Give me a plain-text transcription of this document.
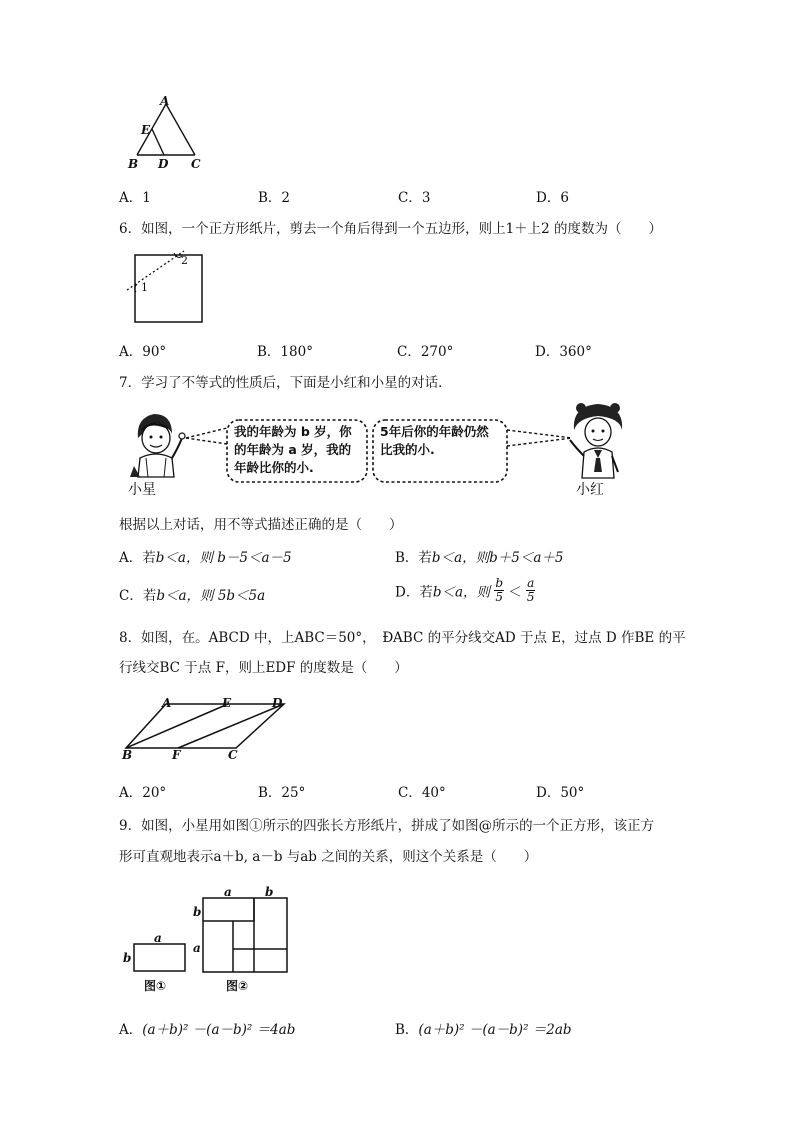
A
E
B D C
A．1	B．2	C．3	D．6
6．如图，一个正方形纸片，剪去一个角后得到一个五边形，则上1＋上2 的度数为（　　）
1
2
A．90°	B．180°	C．270°	D．360°
7．学习了不等式的性质后，下面是小红和小星的对话．
我的年龄为 b 岁，你
的年龄为 a 岁，我的
年龄比你的小.
5年后你的年龄仍然
比我的小.
小星	小红
根据以上对话，用不等式描述正确的是（　　）
A．若b＜a，则 b－5＜a－5	B．若b＜a，则b＋5＜a＋5
C．若b＜a，则 5b＜5a	D．若b＜a，则 $\frac{b}{5} < \frac{a}{5}$
8．如图，在。ABCD 中，上ABC＝50°，　ÐABC 的平分线交AD 于点 E，过点 D 作BE 的平
行线交BC 于点 F，则上EDF 的度数是（　　）
A	E	D
B	F	C
A．20°	B．25°	C．40°	D．50°
9．如图，小星用如图①所示的四张长方形纸片，拼成了如图@所示的一个正方形，该正方
形可直观地表示a＋b, a－b 与ab 之间的关系，则这个关系是（　　）
a
b
图①
a	b
b
a
图②
A．(a＋b)² －(a－b)² ＝4ab	B．(a＋b)² －(a－b)² ＝2ab
